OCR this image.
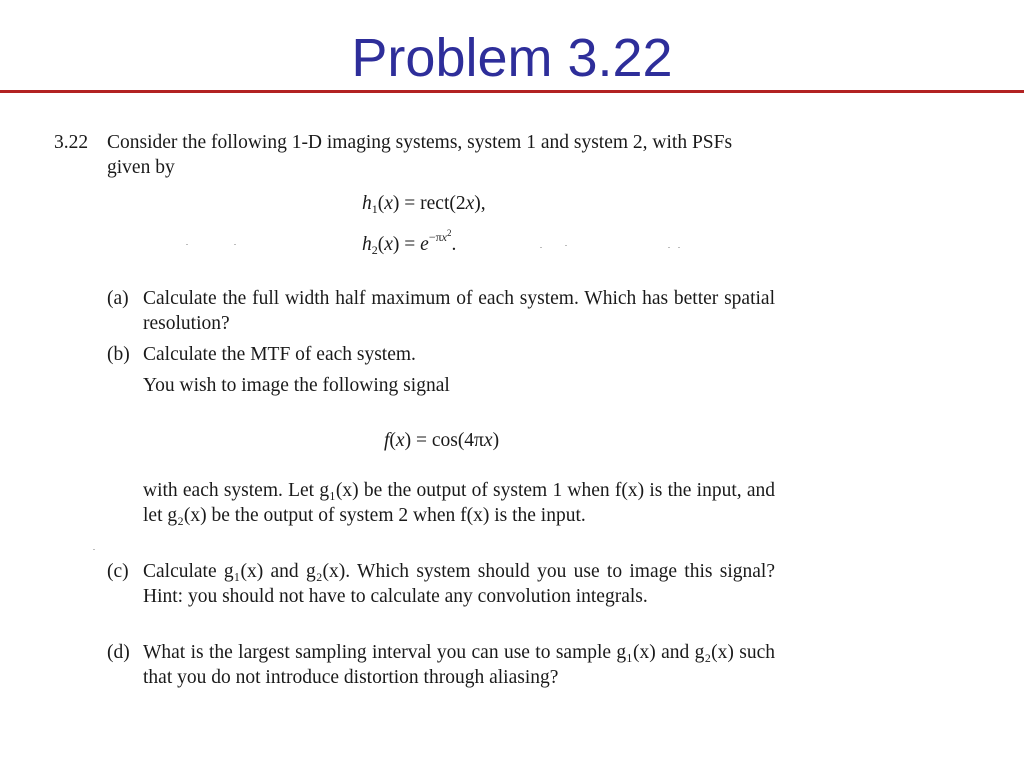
Problem 3.22
3.22 Consider the following 1-D imaging systems, system 1 and system 2, with PSFs given by
$h_1(x)$ = rect(2x),
$h_2(x) = e^{-\pi x^2}$.
(a) Calculate the full width half maximum of each system. Which has better spatial resolution?
(b) Calculate the MTF of each system.
You wish to image the following signal
f(x) = cos(4πx)
with each system. Let g₁(x) be the output of system 1 when f(x) is the input, and let g₂(x) be the output of system 2 when f(x) is the input.
(c) Calculate g₁(x) and g₂(x). Which system should you use to image this signal? Hint: you should not have to calculate any convolution integrals.
(d) What is the largest sampling interval you can use to sample g₁(x) and g₂(x) such that you do not introduce distortion through aliasing?
